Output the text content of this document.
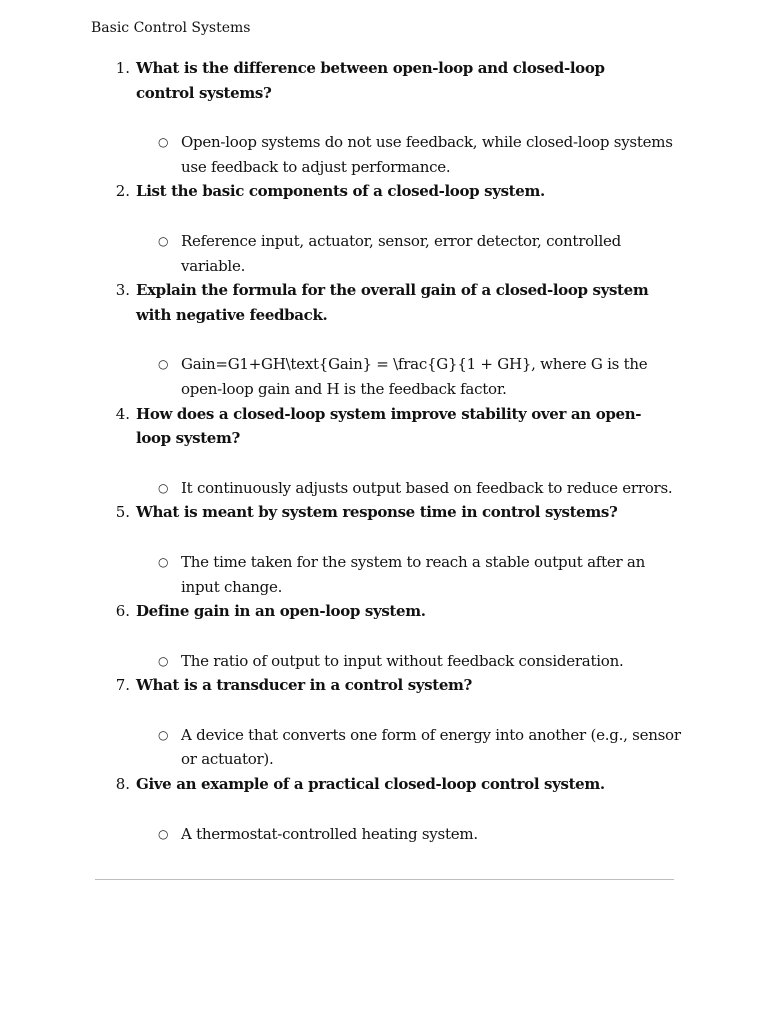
Basic Control Systems
1. What is the difference between open-loop and closed-loop control systems?
○ Open-loop systems do not use feedback, while closed-loop systems use feedback to adjust performance.
2. List the basic components of a closed-loop system.
○ Reference input, actuator, sensor, error detector, controlled variable.
3. Explain the formula for the overall gain of a closed-loop system with negative feedback.
○ Gain=G1+GH\text{Gain} = \frac{G}{1 + GH}, where G is the open-loop gain and H is the feedback factor.
4. How does a closed-loop system improve stability over an open-loop system?
○ It continuously adjusts output based on feedback to reduce errors.
5. What is meant by system response time in control systems?
○ The time taken for the system to reach a stable output after an input change.
6. Define gain in an open-loop system.
○ The ratio of output to input without feedback consideration.
7. What is a transducer in a control system?
○ A device that converts one form of energy into another (e.g., sensor or actuator).
8. Give an example of a practical closed-loop control system.
○ A thermostat-controlled heating system.
